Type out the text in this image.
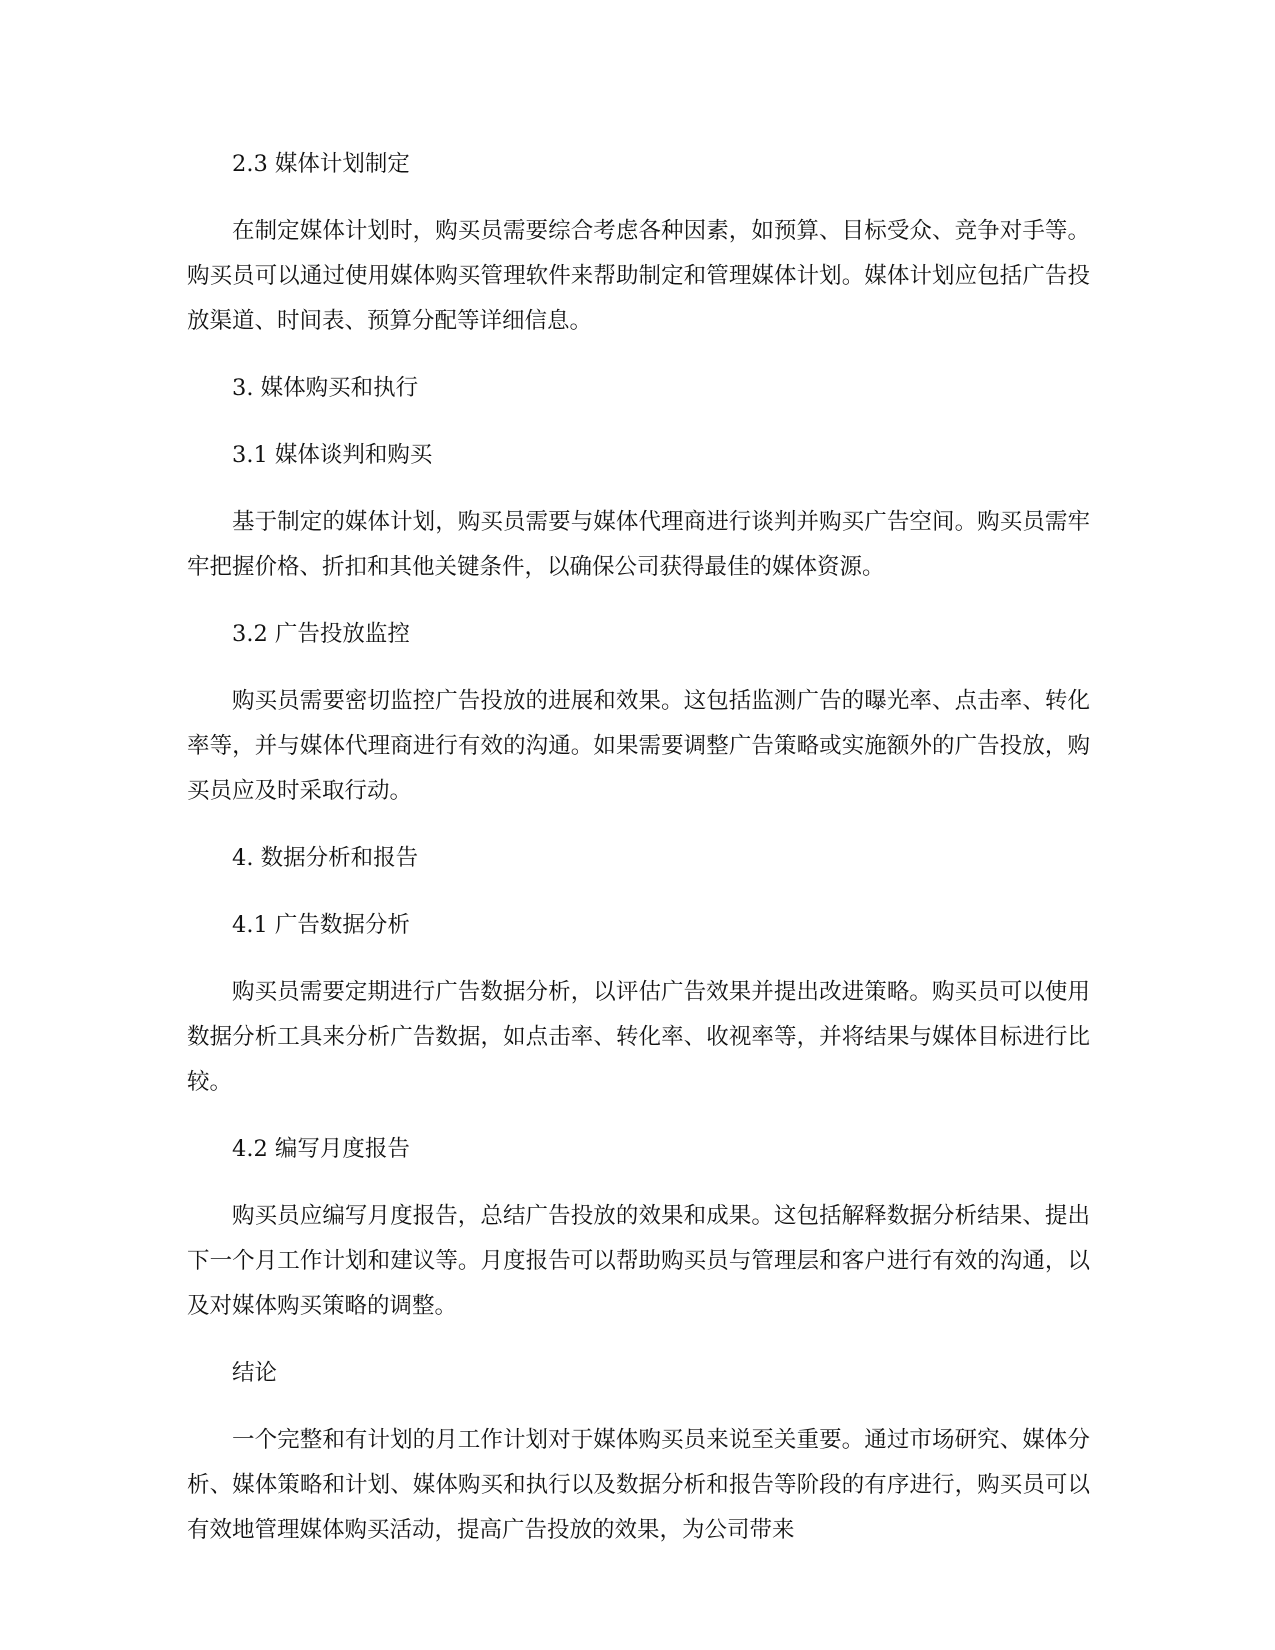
2.3 媒体计划制定

在制定媒体计划时，购买员需要综合考虑各种因素，如预算、目标受众、竞争对手等。购买员可以通过使用媒体购买管理软件来帮助制定和管理媒体计划。媒体计划应包括广告投放渠道、时间表、预算分配等详细信息。

3. 媒体购买和执行

3.1 媒体谈判和购买

基于制定的媒体计划，购买员需要与媒体代理商进行谈判并购买广告空间。购买员需牢牢把握价格、折扣和其他关键条件，以确保公司获得最佳的媒体资源。

3.2 广告投放监控

购买员需要密切监控广告投放的进展和效果。这包括监测广告的曝光率、点击率、转化率等，并与媒体代理商进行有效的沟通。如果需要调整广告策略或实施额外的广告投放，购买员应及时采取行动。

4. 数据分析和报告

4.1 广告数据分析

购买员需要定期进行广告数据分析，以评估广告效果并提出改进策略。购买员可以使用数据分析工具来分析广告数据，如点击率、转化率、收视率等，并将结果与媒体目标进行比较。

4.2 编写月度报告

购买员应编写月度报告，总结广告投放的效果和成果。这包括解释数据分析结果、提出下一个月工作计划和建议等。月度报告可以帮助购买员与管理层和客户进行有效的沟通，以及对媒体购买策略的调整。

结论

一个完整和有计划的月工作计划对于媒体购买员来说至关重要。通过市场研究、媒体分析、媒体策略和计划、媒体购买和执行以及数据分析和报告等阶段的有序进行，购买员可以有效地管理媒体购买活动，提高广告投放的效果，为公司带来
